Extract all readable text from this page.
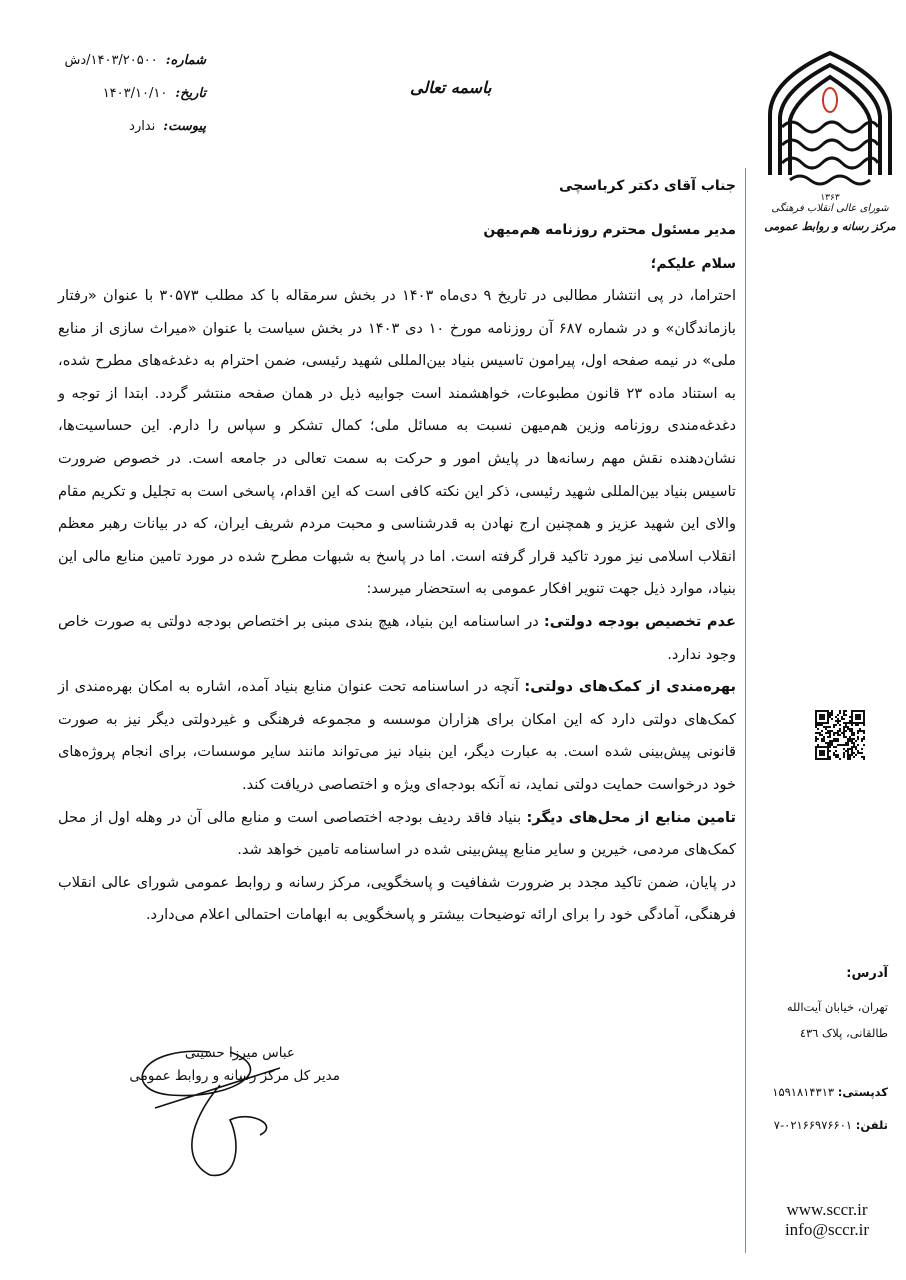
شماره:
۱۴۰۳/۲۰۵۰۰/دش
تاریخ:
۱۴۰۳/۱۰/۱۰
پیوست:
ندارد
باسمه تعالی
۱۳۶۳
شورای عالی انقلاب فرهنگی
مرکز رسانه و روابط عمومی
جناب آقای دکتر کرباسچی
مدیر مسئول محترم روزنامه هم‌میهن
سلام علیکم؛

احتراما، در پی انتشار مطالبی در تاریخ ۹ دی‌ماه ۱۴۰۳ در بخش سرمقاله با کد مطلب ۳۰۵۷۳ با عنوان «رفتار بازماندگان» و در شماره ۶۸۷ آن روزنامه مورخ ۱۰ دی ۱۴۰۳ در بخش سیاست با عنوان «میراث سازی از منابع ملی» در نیمه صفحه اول، پیرامون تاسیس بنیاد بین‌المللی شهید رئیسی، ضمن احترام به دغدغه‌های مطرح شده، به استناد ماده ۲۳ قانون مطبوعات، خواهشمند است جوابیه ذیل در همان صفحه منتشر گردد. ابتدا از توجه و دغدغه‌مندی روزنامه وزین هم‌میهن نسبت به مسائل ملی؛ کمال تشکر و سپاس را دارم. این حساسیت‌ها، نشان‌دهنده نقش مهم رسانه‌ها در پایش امور و حرکت به سمت تعالی در جامعه است. در خصوص ضرورت تاسیس بنیاد بین‌المللی شهید رئیسی، ذکر این نکته کافی است که این اقدام، پاسخی است به تجلیل و تکریم مقام والای این شهید عزیز و همچنین ارج نهادن به قدرشناسی و محبت مردم شریف ایران، که در بیانات رهبر معظم انقلاب اسلامی نیز مورد تاکید قرار گرفته است. اما در پاسخ به شبهات مطرح شده در مورد تامین منابع مالی این بنیاد، موارد ذیل جهت تنویر افکار عمومی به استحضار میرسد:

عدم تخصیص بودجه دولتی: در اساسنامه این بنیاد، هیچ بندی مبنی بر اختصاص بودجه دولتی به صورت خاص وجود ندارد.

بهره‌مندی از کمک‌های دولتی: آنچه در اساسنامه تحت عنوان منابع بنیاد آمده، اشاره به امکان بهره‌مندی از کمک‌های دولتی دارد که این امکان برای هزاران موسسه و مجموعه فرهنگی و غیردولتی دیگر نیز به صورت قانونی پیش‌بینی شده است. به عبارت دیگر، این بنیاد نیز می‌تواند مانند سایر موسسات، برای انجام پروژه‌های خود درخواست حمایت دولتی نماید، نه آنکه بودجه‌ای ویژه و اختصاصی دریافت کند.

تامین منابع از محل‌های دیگر: بنیاد فاقد ردیف بودجه اختصاصی است و منابع مالی آن در وهله اول از محل کمک‌های مردمی، خیرین و سایر منابع پیش‌بینی شده در اساسنامه تامین خواهد شد.

در پایان، ضمن تاکید مجدد بر ضرورت شفافیت و پاسخگویی، مرکز رسانه و روابط عمومی شورای عالی انقلاب فرهنگی، آمادگی خود را برای ارائه توضیحات بیشتر و پاسخگویی به ابهامات احتمالی اعلام می‌دارد.

عباس میرزا حسینی
مدیر کل مرکز رسانه و روابط عمومی
آدرس:
تهران، خیابان آیت‌الله
طالقانی، پلاک ٤٣٦
کدپستی: ۱۵۹۱۸۱۴۳۱۳
تلفن: ۰۲۱۶۶۹۷۶۶۰۱-۷
www.sccr.ir
info@sccr.ir
